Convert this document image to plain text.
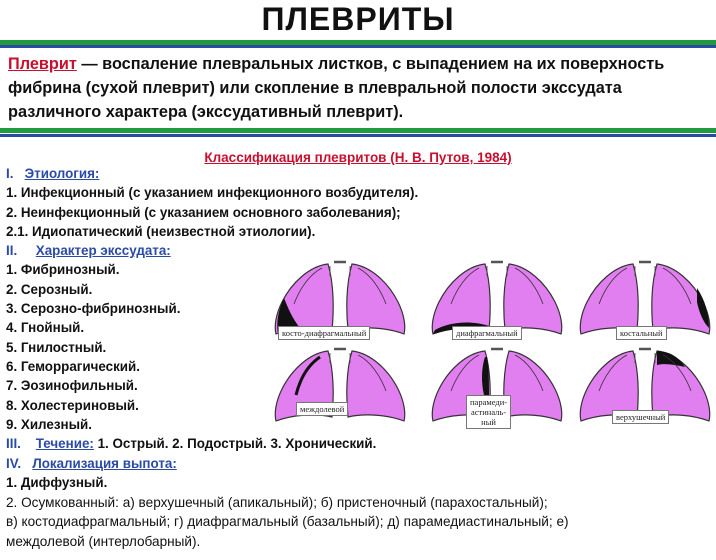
ПЛЕВРИТЫ
Плеврит — воспаление плевральных листков, с выпадением на их поверхность фибрина (сухой плеврит) или скопление в плевральной полости экссудата различного характера (экссудативный плеврит).
Классификация плевритов (Н. В. Путов, 1984)
I. Этиология:
1. Инфекционный (с указанием инфекционного возбудителя).
2. Неинфекционный (с указанием основного заболевания);
2.1. Идиопатический (неизвестной этиологии).
II. Характер экссудата:
1. Фибринозный.
2. Серозный.
3. Серозно-фибринозный.
4. Гнойный.
5. Гнилостный.
6. Геморрагический.
7. Эозинофильный.
8. Холестериновый.
9. Хилезный.
III. Течение: 1. Острый. 2. Подострый. 3. Хронический.
IV. Локализация выпота:
1. Диффузный.
2. Осумкованный: а) верхушечный (апикальный); б) пристеночный (парахостальный);
в) костодиафрагмальный; г) диафрагмальный (базальный); д) парамедиастинальный; е)
междолевой (интерлобарный).
косто-диафрагмальный	диафрагмальный	костальный
междолевой
парамеди-
астиналь-
ный	верхушечный
